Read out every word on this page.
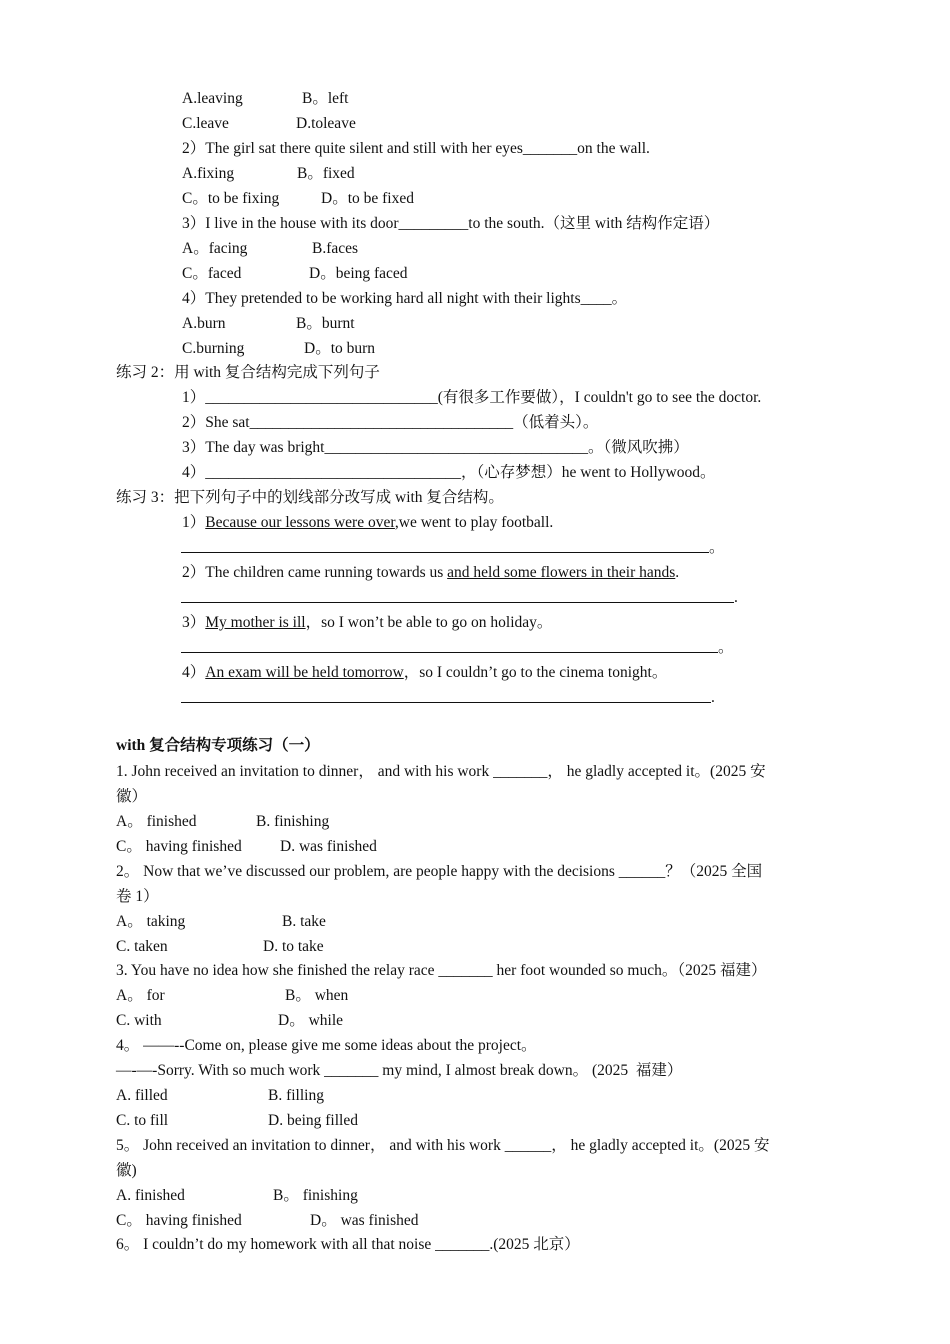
A.leaving	B。left
C.leave	D.toleave
2）The girl sat there quite silent and still with her eyes_______on the wall.
A.fixing	B。fixed
C。to be fixing	D。to be fixed
3）I live in the house with its door_________to the south.（这里 with 结构作定语）
A。facing	B.faces
C。faced	D。being faced
4）They pretended to be working hard all night with their lights____。
A.burn	B。burnt
C.burning	D。to burn
练习 2：用 with 复合结构完成下列句子
1）______________________________(有很多工作要做），I couldn't go to see the doctor.
2）She sat__________________________________（低着头）。
3）The day was bright__________________________________。（微风吹拂）
4）_________________________________，（心存梦想）he went to Hollywood。
练习 3：把下列句子中的划线部分改写成 with 复合结构。
1）Because our lessons were over,we went to play football.
。
2）The children came running towards us and held some flowers in their hands.
.
3）My mother is ill，so I won’t be able to go on holiday。
。
4）An exam will be held tomorrow，so I couldn’t go to the cinema tonight。
.
with 复合结构专项练习（一）
1. John received an invitation to dinner， and with his work _______， he gladly accepted it。(2025 安
徽）
A。 finished	B. finishing
C。 having finished D. was finished
2。 Now that we’ve discussed our problem, are people happy with the decisions ______？（2025 全国
卷 1）
A。 taking	B. take
C. taken	D. to take
3. You have no idea how she finished the relay race _______ her foot wounded so much。（2025 福建）
A。 for	B。 when
C. with	D。 while
4。 ——--Come on, please give me some ideas about the project。
—-—-Sorry. With so much work _______ my mind, I almost break down。 (2025  福建）
A. filled	B. filling
C. to fill	D. being filled
5。 John received an invitation to dinner， and with his work ______， he gladly accepted it。(2025 安
徽)
A. finished	B。 finishing
C。 having finished	D。 was finished
6。 I couldn’t do my homework with all that noise _______.(2025 北京）
